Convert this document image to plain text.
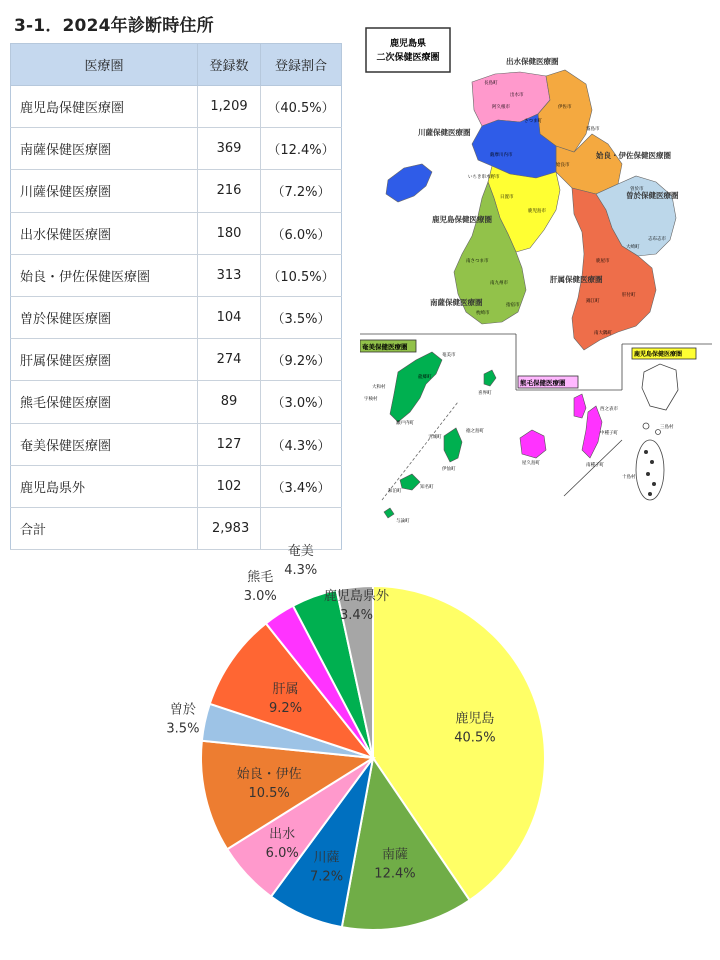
3-1．2024年診断時住所
医療圏	登録数	登録割合
鹿児島保健医療圏	1,209	（40.5%）
南薩保健医療圏	369	（12.4%）
川薩保健医療圏	216	（7.2%）
出水保健医療圏	180	（6.0%）
始良・伊佐保健医療圏	313	（10.5%）
曽於保健医療圏	104	（3.5%）
肝属保健医療圏	274	（9.2%）
熊毛保健医療圏	89	（3.0%）
奄美保健医療圏	127	（4.3%）
鹿児島県外	102	（3.4%）
合計	2,983	
鹿児島県
二次保健医療圏	出水保健医療圏
川薩保健医療圏
姶良・伊佐保健医療圏
曽於保健医療圏
鹿児島保健医療圏
南薩保健医療圏
肝属保健医療圏
長島町
阿久根市
出水市
さつま町
伊佐市
霧島市
姶良市
薩摩川内市
いちき串木野市
日置市
鹿児島市
曽於市
志布志市
大崎町
鹿屋市
錦江町
南大隅町
肝付町
南さつま市
枕崎市
南九州市
指宿市
奄美保健医療圏
奄美市
龍郷町
喜界町
大和村
宇検村
瀬戸内町
徳之島町
天城町
伊仙町
和泊町
知名町
与論町
熊毛保健医療圏
西之表市
中種子町
南種子町
屋久島町
鹿児島保健医療圏
三島村
十島村
鹿児島
40.5%
南薩
12.4%
川薩
7.2%
出水
6.0%
始良・伊佐
10.5%
曽於
3.5%
肝属
9.2%
熊毛
3.0%
奄美
4.3%
鹿児島県外
3.4%
